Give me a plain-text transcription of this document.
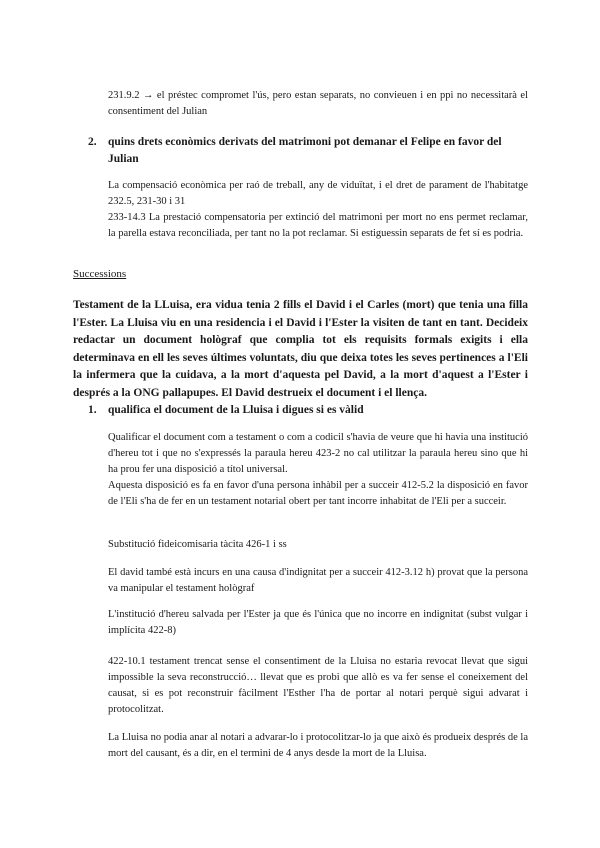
231.9.2 → el préstec compromet l'ús, pero estan separats, no convieuen i en ppi no necessitarà el consentiment del Julian

2. quins drets econòmics derivats del matrimoni pot demanar el Felipe en favor del Julian

La compensació econòmica per raó de treball, any de viduïtat, i el dret de parament de l'habitatge 232.5, 231-30 i 31

233-14.3 La prestació compensatoria per extinció del matrimoni per mort no ens permet reclamar, la parella estava reconciliada, per tant no la pot reclamar. Si estiguessin separats de fet sí es podria.

Successions

Testament de la LLuisa, era vidua tenia 2 fills el David i el Carles (mort) que tenia una filla l'Ester. La Lluisa viu en una residencia i el David i l'Ester la visiten de tant en tant. Decideix redactar un document hològraf que complia tot els requisits formals exigits i ella determinava en ell les seves últimes voluntats, diu que deixa totes les seves pertinences a l'Eli la infermera que la cuidava, a la mort d'aquesta pel David, a la mort d'aquest a l'Ester i després a la ONG pallapupes. El David destrueix el document i el llença.

1. qualifica el document de la Lluisa i digues si es vàlid

Qualificar el document com a testament o com a codicil s'havia de veure que hi havia una institució d'hereu tot i que no s'expressés la paraula hereu 423-2 no cal utilitzar la paraula hereu sino que hi ha prou fer una disposició a títol universal.

Aquesta disposició es fa en favor d'una persona inhàbil per a succeir 412-5.2 la disposició en favor de l'Eli s'ha de fer en un testament notarial obert per tant incorre inhabitat de l'Eli per a succeir.

Substitució fideicomisaria tàcita 426-1 i ss

El david també està incurs en una causa d'indignitat per a succeir 412-3.12 h) provat que la persona va manipular el testament hològraf

L'institució d'hereu salvada per l'Ester ja que és l'única que no incorre en indignitat (subst vulgar i implícita 422-8)

422-10.1 testament trencat sense el consentiment de la Lluisa no estaria revocat llevat que sigui impossible la seva reconstrucció… llevat que es probi que allò es va fer sense el coneixement del causat, si es pot reconstruir fàcilment l'Esther l'ha de portar al notari perquè sigui advarat i protocolitzat.

La Lluisa no podia anar al notari a advarar-lo i protocolitzar-lo ja que això és produeix després de la mort del causant, és a dir, en el termini de 4 anys desde la mort de la Lluisa.
